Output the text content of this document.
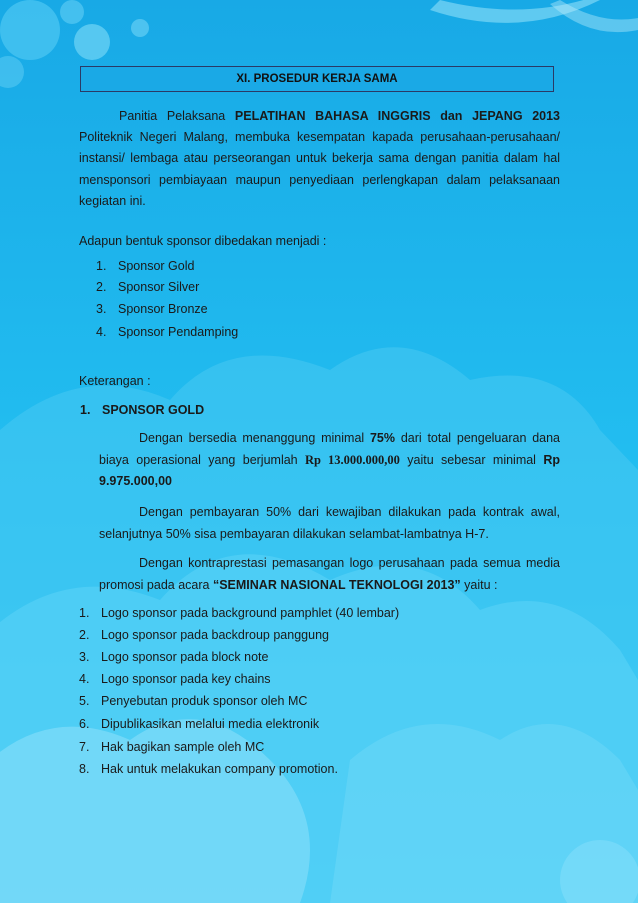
XI. PROSEDUR KERJA SAMA

Panitia Pelaksana PELATIHAN BAHASA INGGRIS dan JEPANG 2013 Politeknik Negeri Malang, membuka kesempatan kapada perusahaan-perusahaan/ instansi/ lembaga atau perseorangan untuk bekerja sama dengan panitia dalam hal mensponsori pembiayaan maupun penyediaan perlengkapan dalam pelaksanaan kegiatan ini.

Adapun bentuk sponsor dibedakan menjadi :
1. Sponsor Gold
2. Sponsor Silver
3. Sponsor Bronze
4. Sponsor Pendamping
Keterangan :
1. SPONSOR GOLD

Dengan bersedia menanggung minimal 75% dari total pengeluaran dana biaya operasional yang berjumlah Rp 13.000.000,00 yaitu sebesar minimal Rp 9.975.000,00

Dengan pembayaran 50% dari kewajiban dilakukan pada kontrak awal, selanjutnya 50% sisa pembayaran dilakukan selambat-lambatnya H-7.

Dengan kontraprestasi pemasangan logo perusahaan pada semua media promosi pada acara “SEMINAR NASIONAL TEKNOLOGI 2013” yaitu :

1. Logo sponsor pada background pamphlet (40 lembar)
2. Logo sponsor pada backdroup panggung
3. Logo sponsor pada block note
4. Logo sponsor pada key chains
5. Penyebutan produk sponsor oleh MC
6. Dipublikasikan melalui media elektronik
7. Hak bagikan sample oleh MC
8. Hak untuk melakukan company promotion.
